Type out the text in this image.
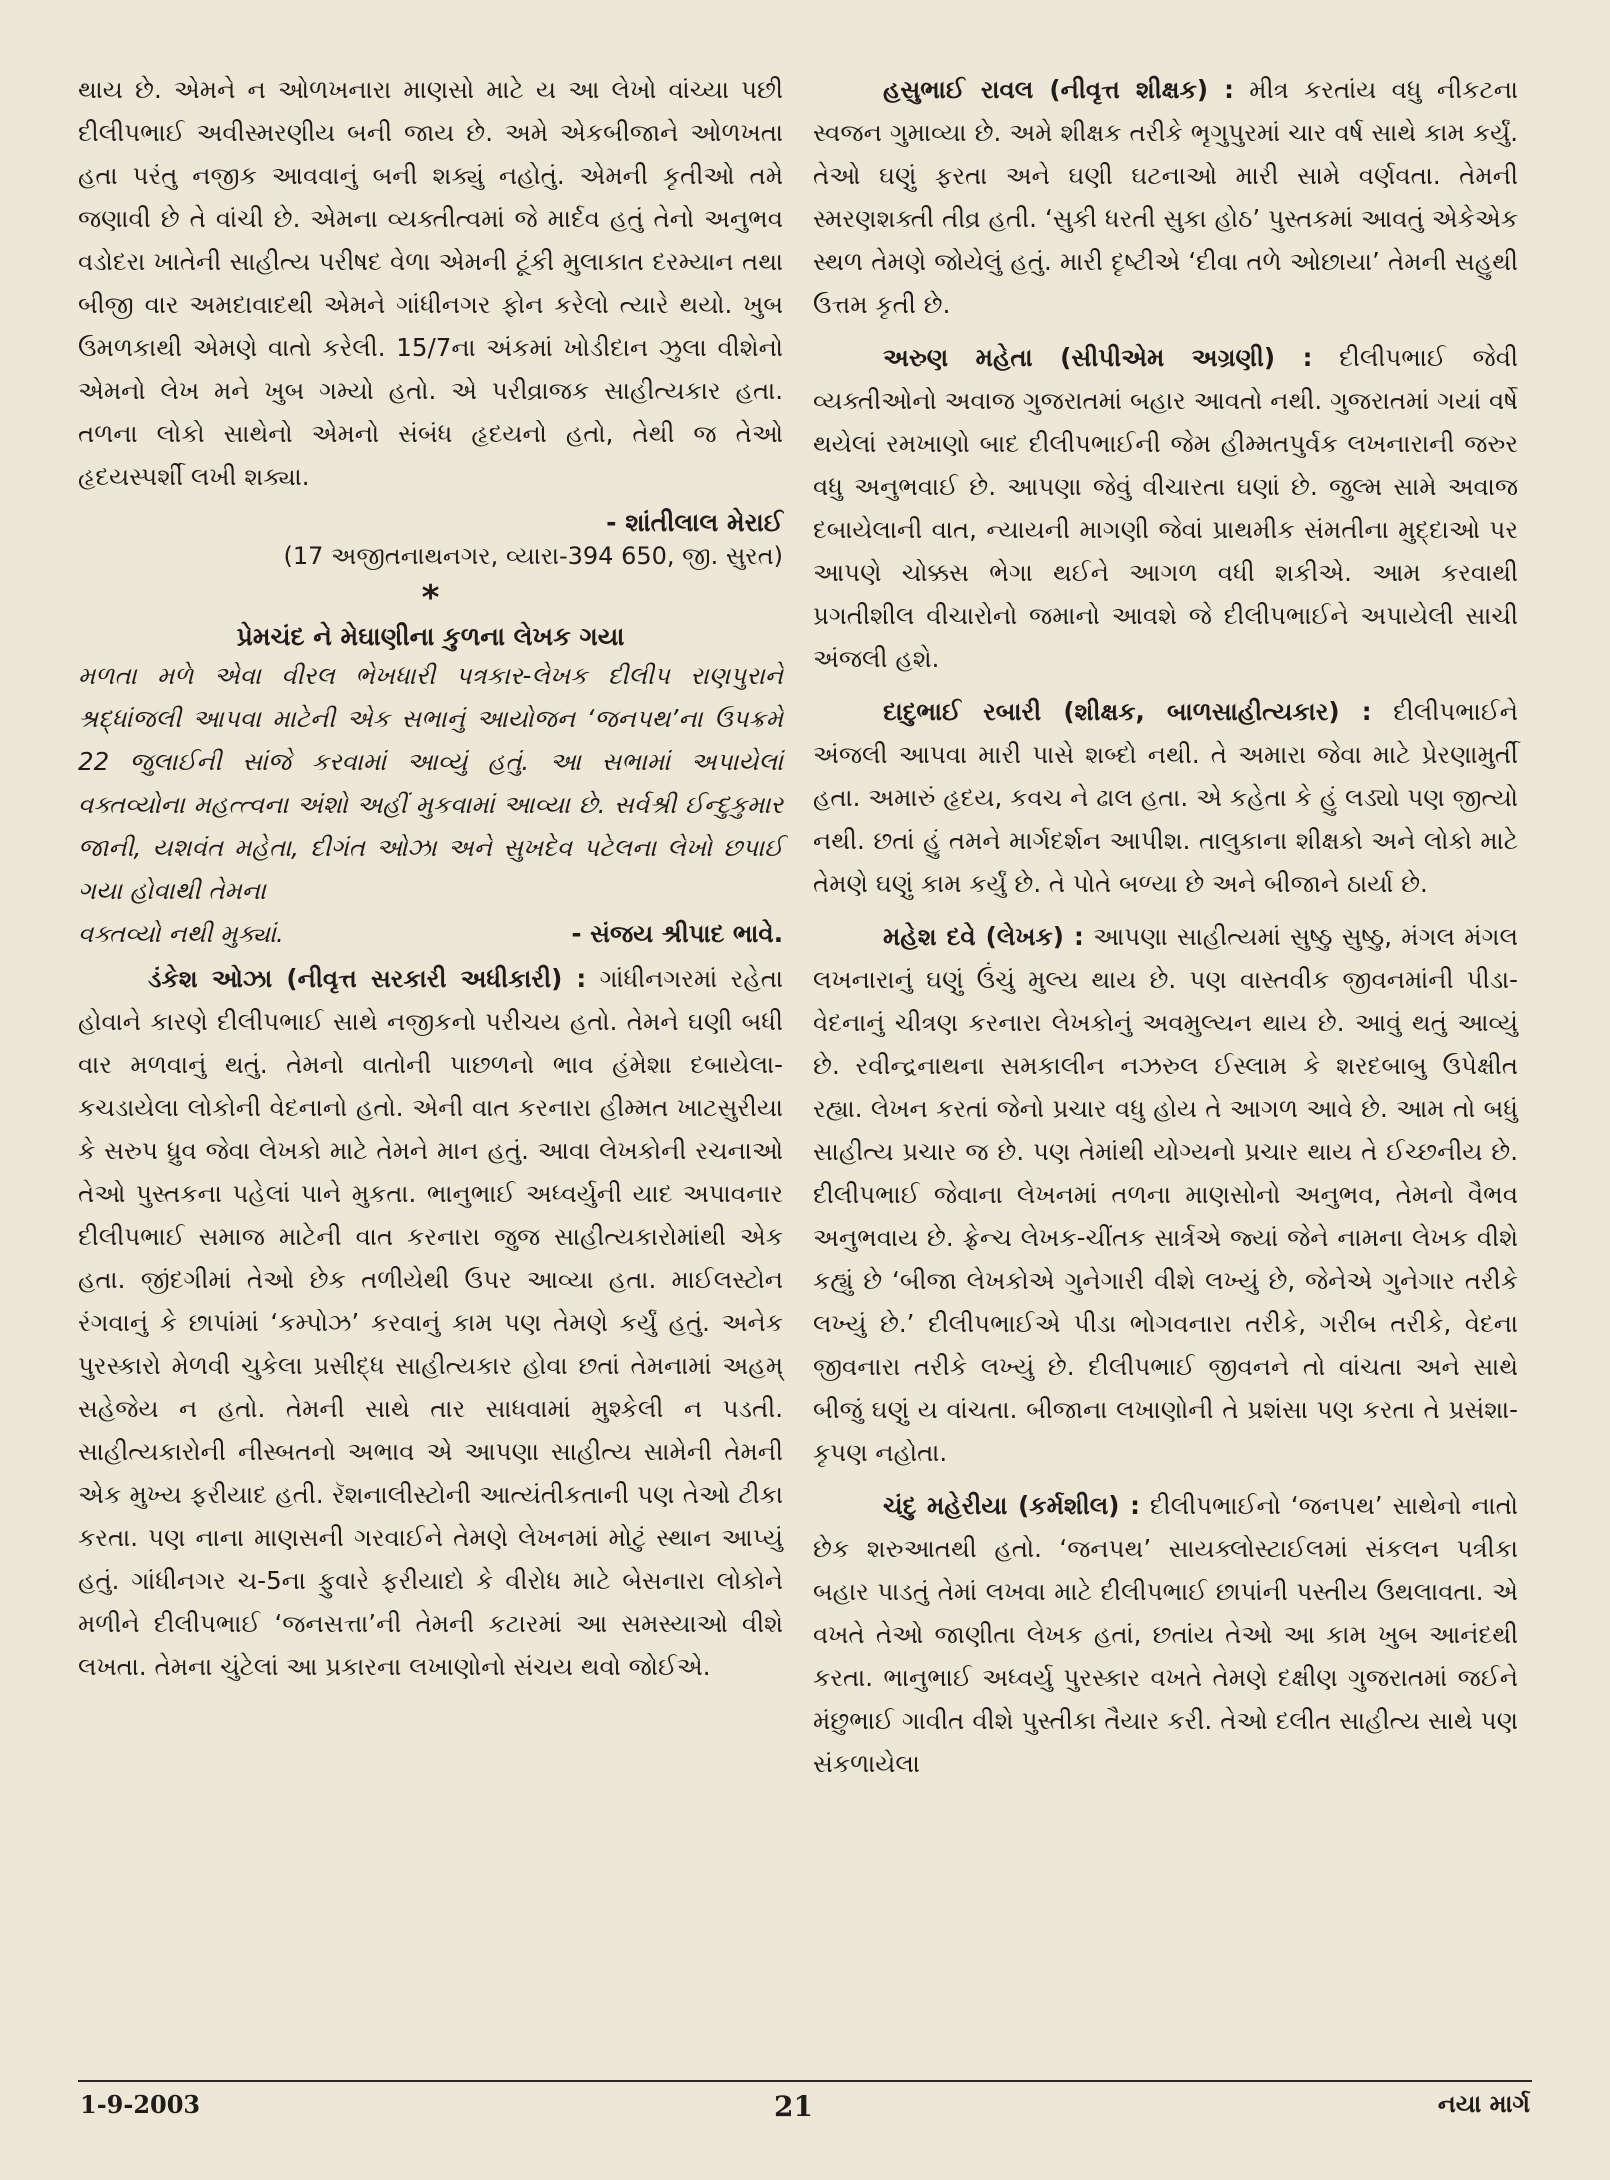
થાય છે. એમને ન ઓળખનારા માણસો માટે ય આ લેખો વાંચ્યા પછી દીલીપભાઈ અવીસ્મરણીય બની જાય છે. અમે એકબીજાને ઓળખતા હતા પરંતુ નજીક આવવાનું બની શક્યું નહોતું. એમની કૃતીઓ તમે જણાવી છે તે વાંચી છે. એમના વ્યક્તીત્વમાં જે માર્દવ હતું તેનો અનુભવ વડોદરા ખાતેની સાહીત્ય પરીષદ વેળા એમની ટૂંકી મુલાકાત દરમ્યાન તથા બીજી વાર અમદાવાદથી એમને ગાંધીનગર ફોન કરેલો ત્યારે થયો. ખુબ ઉમળકાથી એમણે વાતો કરેલી. 15/7ના અંકમાં ખોડીદાન ઝુલા વીશેનો એમનો લેખ મને ખુબ ગમ્યો હતો. એ પરીવ્રાજક સાહીત્યકાર હતા. તળના લોકો સાથેનો એમનો સંબંધ હૃદયનો હતો, તેથી જ તેઓ હૃદયસ્પર્શી લખી શક્યા.

- શાંતીલાલ મેરાઈ
(17 અજીતનાથનગર, વ્યારા-394 650, જી. સુરત)
*
પ્રેમચંદ ને મેઘાણીના કુળના લેખક ગયા

મળતા મળે એવા વીરલ ભેખધારી પત્રકાર-લેખક દીલીપ રાણપુરાને શ્રદ્ધાંજલી આપવા માટેની એક સભાનું આયોજન ‘જનપથ’ના ઉપક્રમે 22 જુલાઈની સાંજે કરવામાં આવ્યું હતું. આ સભામાં અપાયેલાં વક્તવ્યોના મહત્ત્વના અંશો અહીં મુકવામાં આવ્યા છે. સર્વશ્રી ઈન્દુકુમાર જાની, યશવંત મહેતા, દીગંત ઓઝા અને સુખદેવ પટેલના લેખો છપાઈ ગયા હોવાથી તેમના

વક્તવ્યો નથી મુક્યાં.	- સંજય શ્રીપાદ ભાવે.

ડંકેશ ઓઝા (નીવૃત્ત સરકારી અધીકારી) : ગાંધીનગરમાં રહેતા હોવાને કારણે દીલીપભાઈ સાથે નજીકનો પરીચય હતો. તેમને ઘણી બધી વાર મળવાનું થતું. તેમનો વાતોની પાછળનો ભાવ હંમેશા દબાયેલા-કચડાયેલા લોકોની વેદનાનો હતો. એની વાત કરનારા હીમ્મત ખાટસુરીયા કે સરુપ ધ્રુવ જેવા લેખકો માટે તેમને માન હતું. આવા લેખકોની રચનાઓ તેઓ પુસ્તકના પહેલાં પાને મુકતા. ભાનુભાઈ અધ્વર્યુની યાદ અપાવનાર દીલીપભાઈ સમાજ માટેની વાત કરનારા જુજ સાહીત્યકારોમાંથી એક હતા. જીંદગીમાં તેઓ છેક તળીયેથી ઉપર આવ્યા હતા. માઈલસ્ટોન રંગવાનું કે છાપાંમાં ‘કમ્પોઝ’ કરવાનું કામ પણ તેમણે કર્યું હતું. અનેક પુરસ્કારો મેળવી ચુકેલા પ્રસીદ્ધ સાહીત્યકાર હોવા છતાં તેમનામાં અહમ્ સહેજેય ન હતો. તેમની સાથે તાર સાધવામાં મુશ્કેલી ન પડતી. સાહીત્યકારોની નીસ્બતનો અભાવ એ આપણા સાહીત્ય સામેની તેમની એક મુખ્ય ફરીયાદ હતી. રૅશનાલીસ્ટોની આત્યંતીકતાની પણ તેઓ ટીકા કરતા. પણ નાના માણસની ગરવાઈને તેમણે લેખનમાં મોટું સ્થાન આપ્યું હતું. ગાંધીનગર ચ-5ના ફુવારે ફરીયાદો કે વીરોધ માટે બેસનારા લોકોને મળીને દીલીપભાઈ ‘જનસત્તા’ની તેમની કટારમાં આ સમસ્યાઓ વીશે લખતા. તેમના ચુંટેલાં આ પ્રકારના લખાણોનો સંચય થવો જોઈએ.

હસુભાઈ રાવલ (નીવૃત્ત શીક્ષક) : મીત્ર કરતાંય વધુ નીકટના સ્વજન ગુમાવ્યા છે. અમે શીક્ષક તરીકે ભૃગુપુરમાં ચાર વર્ષ સાથે કામ કર્યું. તેઓ ઘણું ફરતા અને ઘણી ઘટનાઓ મારી સામે વર્ણવતા. તેમની સ્મરણશક્તી તીવ્ર હતી. ‘સુકી ધરતી સુકા હોઠ’ પુસ્તકમાં આવતું એકેએક સ્થળ તેમણે જોયેલું હતું. મારી દૃષ્ટીએ ‘દીવા તળે ઓછાયા’ તેમની સહુથી ઉત્તમ કૃતી છે.

અરુણ મહેતા (સીપીએમ અગ્રણી) : દીલીપભાઈ જેવી વ્યક્તીઓનો અવાજ ગુજરાતમાં બહાર આવતો નથી. ગુજરાતમાં ગયાં વર્ષે થયેલાં રમખાણો બાદ દીલીપભાઈની જેમ હીમ્મતપુર્વક લખનારાની જરુર વધુ અનુભવાઈ છે. આપણા જેવું વીચારતા ઘણાં છે. જુલ્મ સામે અવાજ દબાયેલાની વાત, ન્યાયની માગણી જેવાં પ્રાથમીક સંમતીના મુદ્દાઓ પર આપણે ચોક્કસ ભેગા થઈને આગળ વધી શકીએ. આમ કરવાથી પ્રગતીશીલ વીચારોનો જમાનો આવશે જે દીલીપભાઈને અપાયેલી સાચી અંજલી હશે.

દાદુભાઈ રબારી (શીક્ષક, બાળસાહીત્યકાર) : દીલીપભાઈને અંજલી આપવા મારી પાસે શબ્દો નથી. તે અમારા જેવા માટે પ્રેરણામુર્તી હતા. અમારું હૃદય, કવચ ને ઢાલ હતા. એ કહેતા કે હું લડ્યો પણ જીત્યો નથી. છતાં હું તમને માર્ગદર્શન આપીશ. તાલુકાના શીક્ષકો અને લોકો માટે તેમણે ઘણું કામ કર્યું છે. તે પોતે બળ્યા છે અને બીજાને ઠાર્યા છે.

મહેશ દવે (લેખક) : આપણા સાહીત્યમાં સુષ્ઠુ સુષ્ઠુ, મંગલ મંગલ લખનારાનું ઘણું ઉંચું મુલ્ય થાય છે. પણ વાસ્તવીક જીવનમાંની પીડા-વેદનાનું ચીત્રણ કરનારા લેખકોનું અવમુલ્યન થાય છે. આવું થતું આવ્યું છે. રવીન્દ્રનાથના સમકાલીન નઝરુલ ઈસ્લામ કે શરદબાબુ ઉપેક્ષીત રહ્યા. લેખન કરતાં જેનો પ્રચાર વધુ હોય તે આગળ આવે છે. આમ તો બધું સાહીત્ય પ્રચાર જ છે. પણ તેમાંથી યોગ્યનો પ્રચાર થાય તે ઈચ્છનીય છે. દીલીપભાઈ જેવાના લેખનમાં તળના માણસોનો અનુભવ, તેમનો વૈભવ અનુભવાય છે. ફ્રેન્ચ લેખક-ચીંતક સાર્ત્રએ જ્યાં જેને નામના લેખક વીશે કહ્યું છે ‘બીજા લેખકોએ ગુનેગારી વીશે લખ્યું છે, જેનેએ ગુનેગાર તરીકે લખ્યું છે.’ દીલીપભાઈએ પીડા ભોગવનારા તરીકે, ગરીબ તરીકે, વેદના જીવનારા તરીકે લખ્યું છે. દીલીપભાઈ જીવનને તો વાંચતા અને સાથે બીજું ઘણું ય વાંચતા. બીજાના લખાણોની તે પ્રશંસા પણ કરતા તે પ્રસંશા-કૃપણ નહોતા.

ચંદુ મહેરીયા (કર્મશીલ) : દીલીપભાઈનો ‘જનપથ’ સાથેનો નાતો છેક શરુઆતથી હતો. ‘જનપથ’ સાયક્લોસ્ટાઈલમાં સંકલન પત્રીકા બહાર પાડતું તેમાં લખવા માટે દીલીપભાઈ છાપાંની પસ્તીય ઉથલાવતા. એ વખતે તેઓ જાણીતા લેખક હતાં, છતાંય તેઓ આ કામ ખુબ આનંદથી કરતા. ભાનુભાઈ અધ્વર્યુ પુરસ્કાર વખતે તેમણે દક્ષીણ ગુજરાતમાં જઈને મંછુભાઈ ગાવીત વીશે પુસ્તીકા તૈયાર કરી. તેઓ દલીત સાહીત્ય સાથે પણ સંકળાયેલા

1-9-2003	21	નયા માર્ગ
